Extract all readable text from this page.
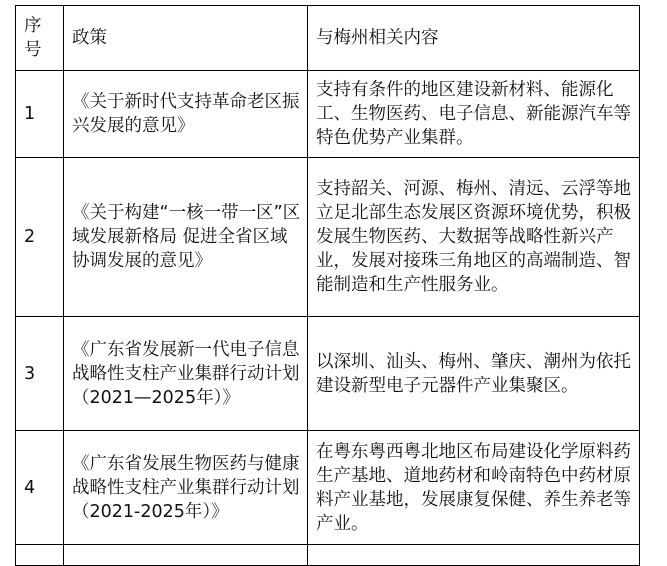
序号	政策	与梅州相关内容
1	《关于新时代支持革命老区振兴发展的意见》	支持有条件的地区建设新材料、能源化工、生物医药、电子信息、新能源汽车等特色优势产业集群。
2	《关于构建“一核一带一区”区域发展新格局 促进全省区域协调发展的意见》	支持韶关、河源、梅州、清远、云浮等地立足北部生态发展区资源环境优势，积极发展生物医药、大数据等战略性新兴产业，发展对接珠三角地区的高端制造、智能制造和生产性服务业。
3	《广东省发展新一代电子信息战略性支柱产业集群行动计划（2021—2025年）》	以深圳、汕头、梅州、肇庆、潮州为依托建设新型电子元器件产业集聚区。
4	《广东省发展生物医药与健康战略性支柱产业集群行动计划（2021-2025年）》	在粤东粤西粤北地区布局建设化学原料药生产基地、道地药材和岭南特色中药材原料产业基地，发展康复保健、养生养老等产业。
